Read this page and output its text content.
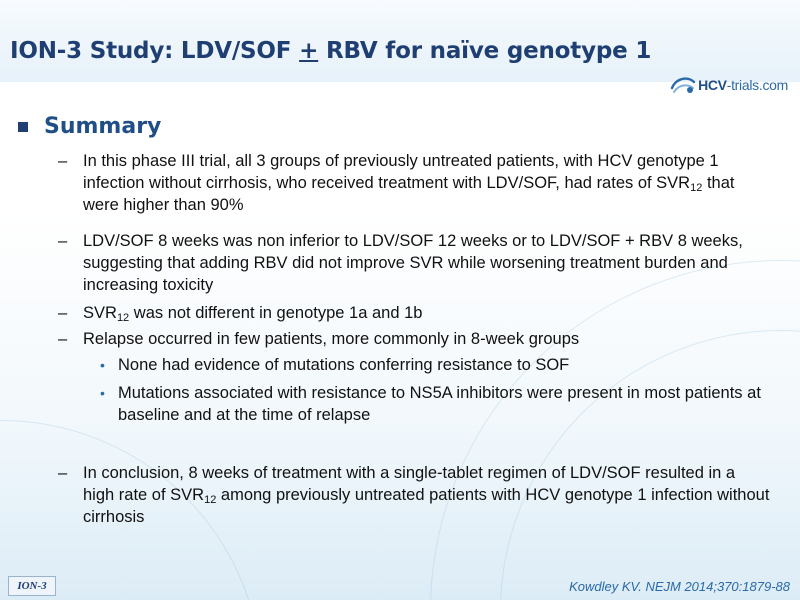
ION-3 Study: LDV/SOF + RBV for naïve genotype 1
HCV-trials.com
Summary
– In this phase III trial, all 3 groups of previously untreated patients, with HCV genotype 1 infection without cirrhosis, who received treatment with LDV/SOF, had rates of $SVR_{12}$ that were higher than 90%
– LDV/SOF 8 weeks was non inferior to LDV/SOF 12 weeks or to LDV/SOF + RBV 8 weeks, suggesting that adding RBV did not improve SVR while worsening treatment burden and increasing toxicity
– $SVR_{12}$ was not different in genotype 1a and 1b
– Relapse occurred in few patients, more commonly in 8-week groups
• None had evidence of mutations conferring resistance to SOF
• Mutations associated with resistance to NS5A inhibitors were present in most patients at baseline and at the time of relapse
– In conclusion, 8 weeks of treatment with a single-tablet regimen of LDV/SOF resulted in a high rate of $SVR_{12}$ among previously untreated patients with HCV genotype 1 infection without cirrhosis
ION-3	Kowdley KV. NEJM 2014;370:1879-88
